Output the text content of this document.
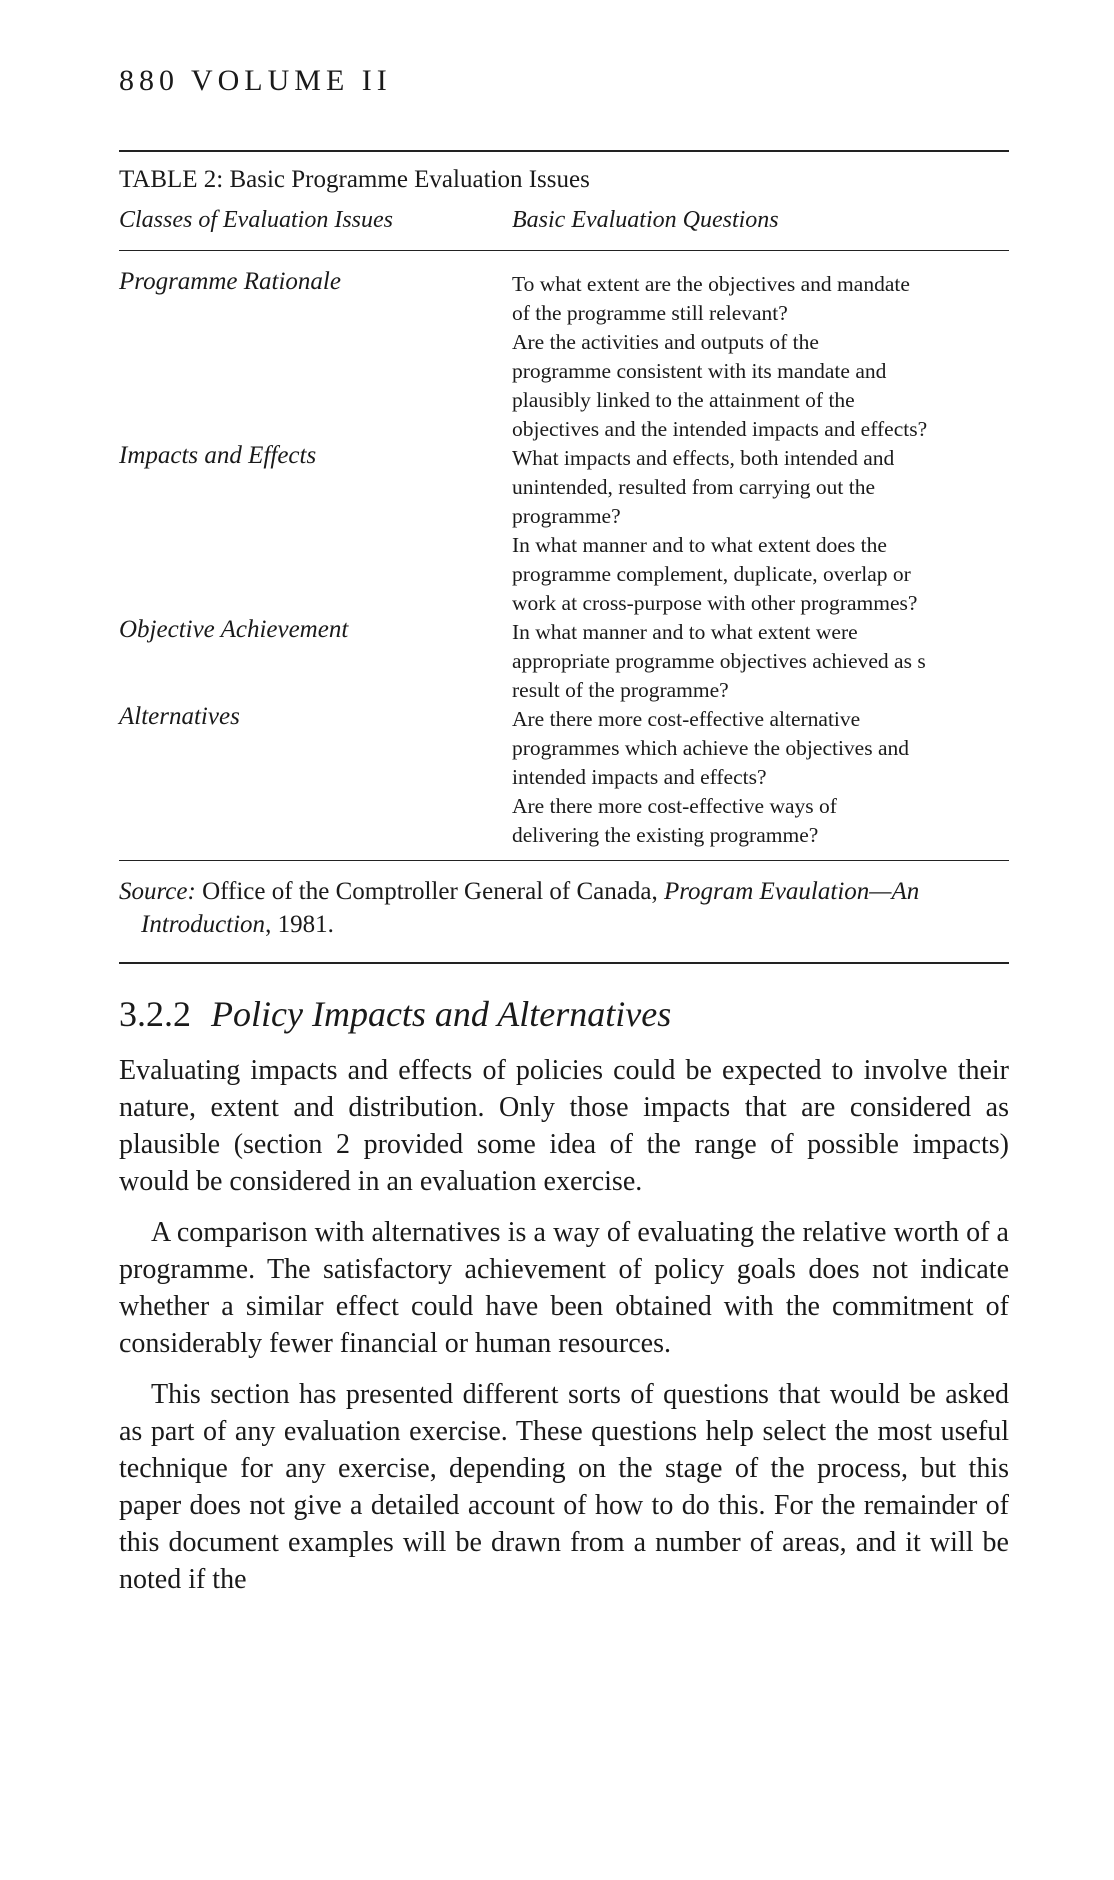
880 VOLUME II
TABLE 2: Basic Programme Evaluation Issues
Classes of Evaluation Issues	Basic Evaluation Questions
Programme Rationale
Impacts and Effects
Objective Achievement
Alternatives

To what extent are the objectives and mandate

of the programme still relevant?

Are the activities and outputs of the

programme consistent with its mandate and

plausibly linked to the attainment of the

objectives and the intended impacts and effects?

What impacts and effects, both intended and

unintended, resulted from carrying out the

programme?

In what manner and to what extent does the

programme complement, duplicate, overlap or

work at cross-purpose with other programmes?

In what manner and to what extent were

appropriate programme objectives achieved as s

result of the programme?

Are there more cost-effective alternative

programmes which achieve the objectives and

intended impacts and effects?

Are there more cost-effective ways of

delivering the existing programme?

Source: Office of the Comptroller General of Canada, Program Evaulation—An

Introduction, 1981.

3.2.2 Policy Impacts and Alternatives

Evaluating impacts and effects of policies could be expected to involve their nature, extent and distribution. Only those impacts that are considered as plausible (section 2 provided some idea of the range of possible impacts) would be considered in an evaluation exercise.

A comparison with alternatives is a way of evaluating the relative worth of a programme. The satisfactory achievement of policy goals does not indicate whether a similar effect could have been obtained with the commitment of considerably fewer financial or human resources.

This section has presented different sorts of questions that would be asked as part of any evaluation exercise. These questions help select the most useful technique for any exercise, depending on the stage of the process, but this paper does not give a detailed account of how to do this. For the remainder of this document examples will be drawn from a number of areas, and it will be noted if the
